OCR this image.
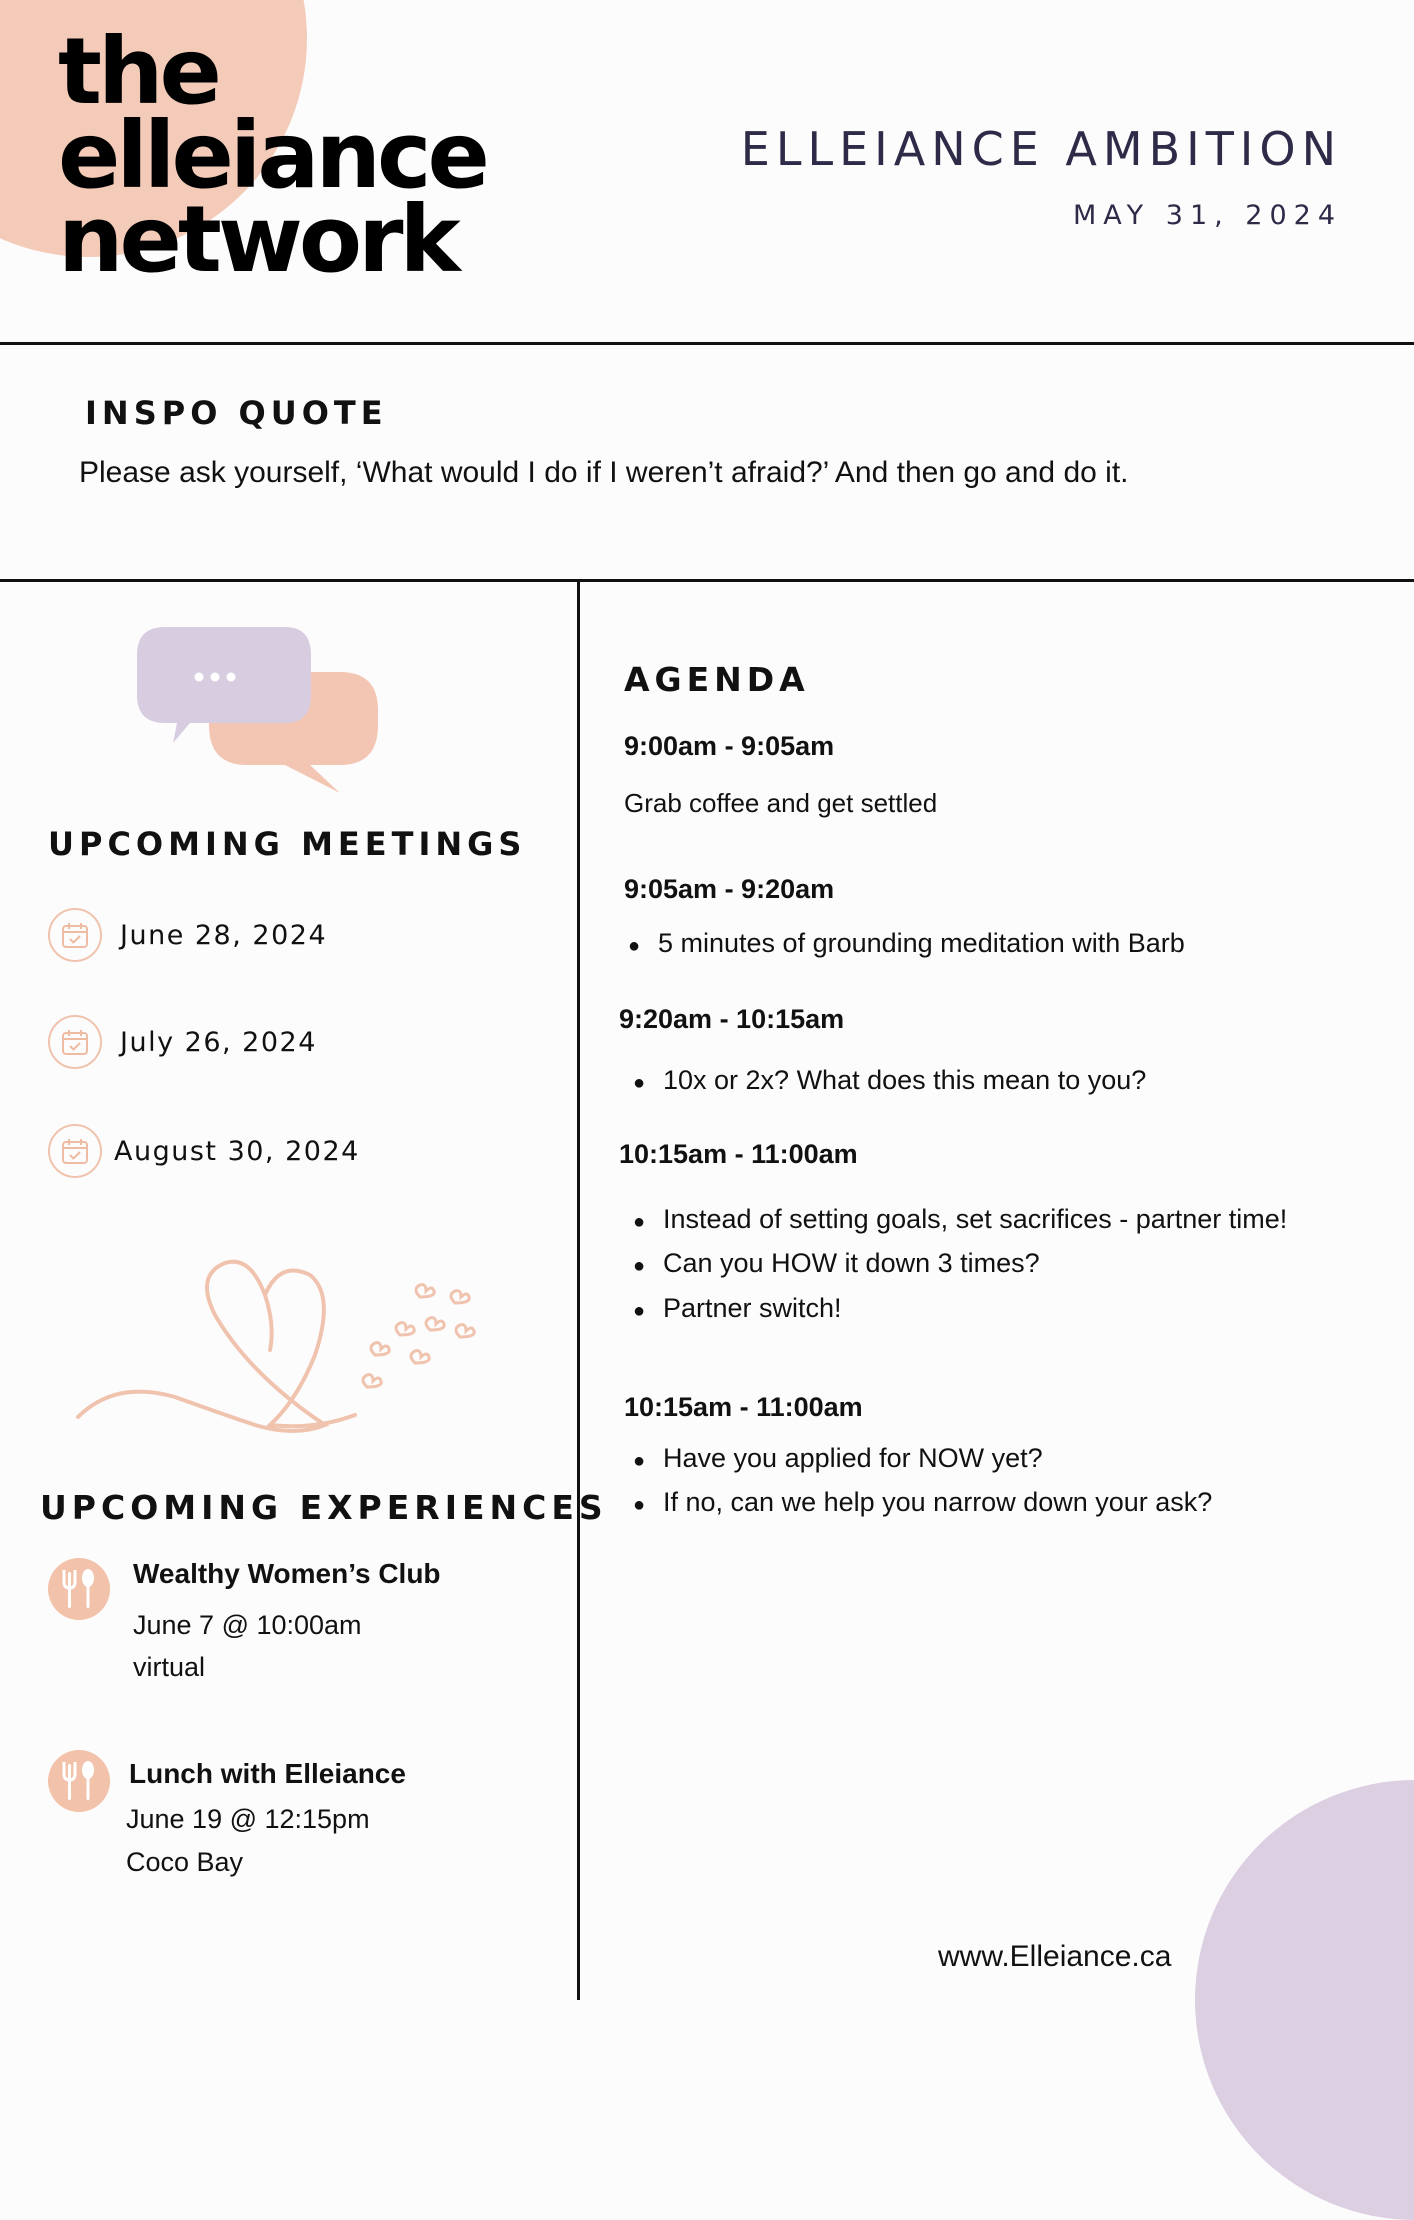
the
elleiance
network
ELLEIANCE AMBITION
MAY 31, 2024
INSPO QUOTE
Please ask yourself, ‘What would I do if I weren’t afraid?’ And then go and do it.
UPCOMING MEETINGS
June 28, 2024
July 26, 2024
August 30, 2024
UPCOMING EXPERIENCES
Wealthy Women’s Club
June 7 @ 10:00am
virtual
Lunch with Elleiance
June 19 @ 12:15pm
Coco Bay
AGENDA
9:00am - 9:05am
Grab coffee and get settled
9:05am - 9:20am
● 5 minutes of grounding meditation with Barb
9:20am - 10:15am
● 10x or 2x? What does this mean to you?
10:15am - 11:00am
● Instead of setting goals, set sacrifices - partner time!
● Can you HOW it down 3 times?
● Partner switch!
10:15am - 11:00am
● Have you applied for NOW yet?
● If no, can we help you narrow down your ask?
www.Elleiance.ca
